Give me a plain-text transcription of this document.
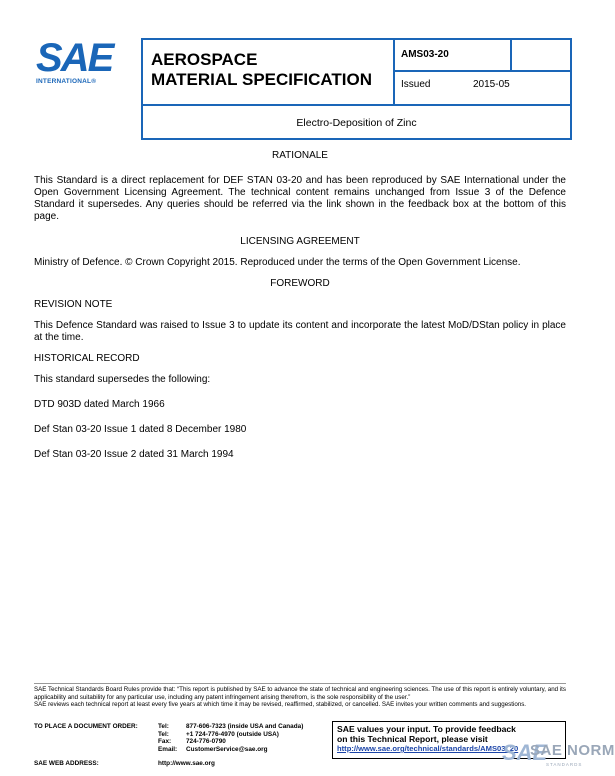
SAE
INTERNATIONAL®
AEROSPACE
MATERIAL SPECIFICATION
AMS03-20
Issued	2015-05
Electro-Deposition of Zinc

RATIONALE

This Standard is a direct replacement for DEF STAN 03-20 and has been reproduced by SAE International under the Open Government Licensing Agreement. The technical content remains unchanged from Issue 3 of the Defence Standard it supersedes. Any queries should be referred via the link shown in the feedback box at the bottom of this page.

LICENSING AGREEMENT

Ministry of Defence. © Crown Copyright 2015. Reproduced under the terms of the Open Government License.

FOREWORD

REVISION NOTE

This Defence Standard was raised to Issue 3 to update its content and incorporate the latest MoD/DStan policy in place at the time.

HISTORICAL RECORD

This standard supersedes the following:

DTD 903D dated March 1966

Def Stan 03-20 Issue 1 dated 8 December 1980

Def Stan 03-20 Issue 2 dated 31 March 1994

SAE Technical Standards Board Rules provide that: “This report is published by SAE to advance the state of technical and engineering sciences. The use of this report is entirely voluntary, and its applicability and suitability for any particular use, including any patent infringement arising therefrom, is the sole responsibility of the user.”
SAE reviews each technical report at least every five years at which time it may be revised, reaffirmed, stabilized, or cancelled. SAE invites your written comments and suggestions.
TO PLACE A DOCUMENT ORDER:	Tel:	877-606-7323 (inside USA and Canada)
Tel:	+1 724-776-4970 (outside USA)
Fax:	724-776-0790
Email:	CustomerService@sae.org
SAE WEB ADDRESS:	http://www.sae.org
SAE values your input. To provide feedback
on this Technical Report, please visit
http://www.sae.org/technical/standards/AMS03_20
SAE
SAE NORM
STANDARDS
